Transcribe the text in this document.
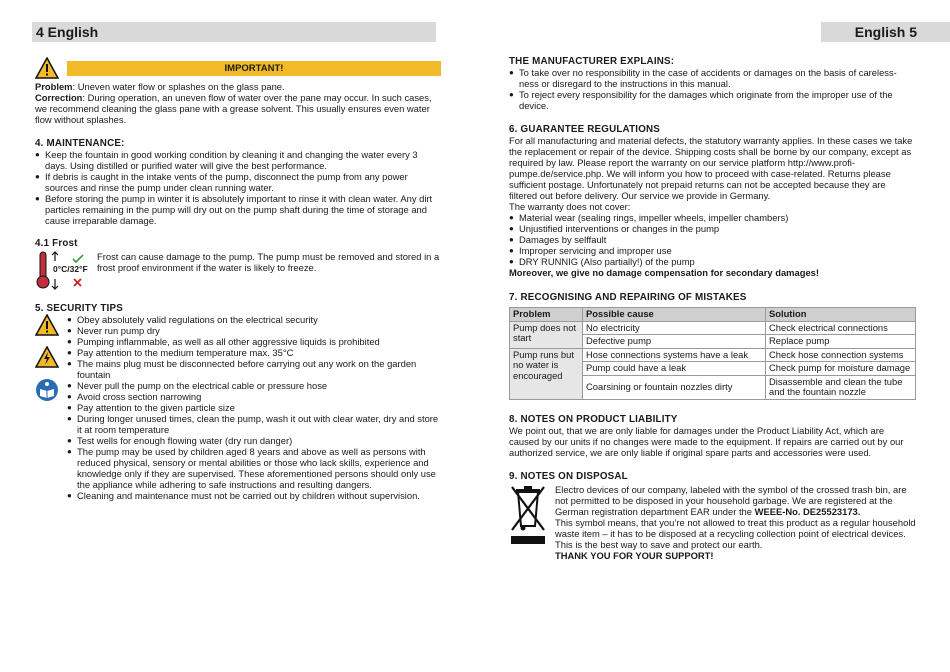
4 English	English 5
IMPORTANT!

Problem: Uneven water flow or splashes on the glass pane.

Correction: During operation, an uneven flow of water over the pane may occur. In such cases, we recommend cleaning the glass pane with a grease solvent. This usually ensures even water flow without splashes.

4. MAINTENANCE:
● Keep the fountain in good working condition by cleaning it and changing the water every 3 days. Using distilled or purified water will give the best performance.
● If debris is caught in the intake vents of the pump, disconnect the pump from any power sources and rinse the pump under clean running water.
● Before storing the pump in winter it is absolutely important to rinse it with clean water. Any dirt particles remaining in the pump will dry out on the pump shaft during the time of storage and cause irreparable damage.
4.1 Frost
0°C/32°F

Frost can cause damage to the pump. The pump must be removed and stored in a frost proof environment if the water is likely to freeze.

5. SECURITY TIPS
● Obey absolutely valid regulations on the electrical security
● Never run pump dry
● Pumping inflammable, as well as all other aggressive liquids is prohibited
● Pay attention to the medium temperature max. 35°C
● The mains plug must be disconnected before carrying out any work on the garden fountain
● Never pull the pump on the electrical cable or pressure hose
● Avoid cross section narrowing
● Pay attention to the given particle size
● During longer unused times, clean the pump, wash it out with clear water, dry and store it at room temperature
● Test wells for enough flowing water (dry run danger)
● The pump may be used by children aged 8 years and above as well as persons with reduced physical, sensory or mental abilities or those who lack skills, experience and knowledge only if they are supervised. These aforementioned persons should only use the appliance while adhering to safe instructions and resulting dangers.
● Cleaning and maintenance must not be carried out by children without supervision.
THE MANUFACTURER EXPLAINS:
● To take over no responsibility in the case of accidents or damages on the basis of careless- ness or disregard to the instructions in this manual.
● To reject every responsibility for the damages which originate from the improper use of the device.
6. GUARANTEE REGULATIONS

For all manufacturing and material defects, the statutory warranty applies. In these cases we take the replacement or repair of the device. Shipping costs shall be borne by our company, except as required by law. Please report the warranty on our service platform http://www.profi-pumpe.de/service.php. We will inform you how to proceed with case-related. Returns please sufficient postage. Unfortunately not prepaid returns can not be accepted because they are filtered out before delivery. Our service we provide in Germany.

The warranty does not cover:

● Material wear (sealing rings, impeller wheels, impeller chambers)
● Unjustified interventions or changes in the pump
● Damages by selffault
● Improper servicing and improper use
● DRY RUNNIG (Also partially!) of the pump

Moreover, we give no damage compensation for secondary damages!

7. RECOGNISING AND REPAIRING OF MISTAKES
Problem	Possible cause	Solution
Pump does not start	No electricity	Check electrical connections
	Defective pump	Replace pump
Pump runs but no water is encouraged	Hose connections systems have a leak	Check hose connection systems
	Pump could have a leak	Check pump for moisture damage
	Coarsining or fountain nozzles dirty	Disassemble and clean the tube and the fountain nozzle
8. NOTES ON PRODUCT LIABILITY

We point out, that we are only liable for damages under the Product Liability Act, which are caused by our units if no changes were made to the equipment. If repairs are carried out by our authorized service, we are only liable if original spare parts and accessories were used.

9. NOTES ON DISPOSAL

Electro devices of our company, labeled with the symbol of the crossed trash bin, are not permitted to be disposed in your household garbage. We are registered at the German registration department EAR under the WEEE-No. DE25523173.

This symbol means, that you’re not allowed to treat this product as a regular household waste item – it has to be disposed at a recycling collection point of electrical devices. This is the best way to save and protect our earth.

THANK YOU FOR YOUR SUPPORT!
